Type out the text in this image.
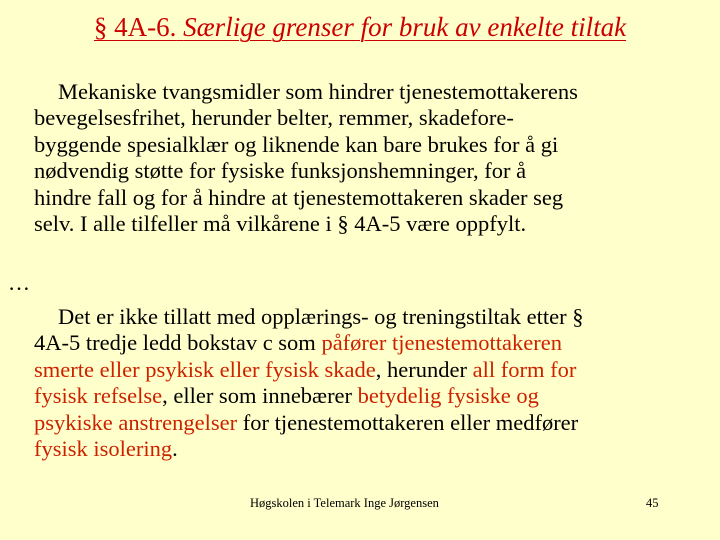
§ 4A-6. Særlige grenser for bruk av enkelte tiltak
Mekaniske tvangsmidler som hindrer tjenestemottakerens
bevegelsesfrihet, herunder belter, remmer, skadefore-
byggende spesialklær og liknende kan bare brukes for å gi
nødvendig støtte for fysiske funksjonshemninger, for å
hindre fall og for å hindre at tjenestemottakeren skader seg
selv. I alle tilfeller må vilkårene i § 4A-5 være oppfylt.
…
Det er ikke tillatt med opplærings- og treningstiltak etter §
4A-5 tredje ledd bokstav c som påfører tjenestemottakeren
smerte eller psykisk eller fysisk skade, herunder all form for
fysisk refselse, eller som innebærer betydelig fysiske og
psykiske anstrengelser for tjenestemottakeren eller medfører
fysisk isolering.
Høgskolen i Telemark Inge Jørgensen	45
